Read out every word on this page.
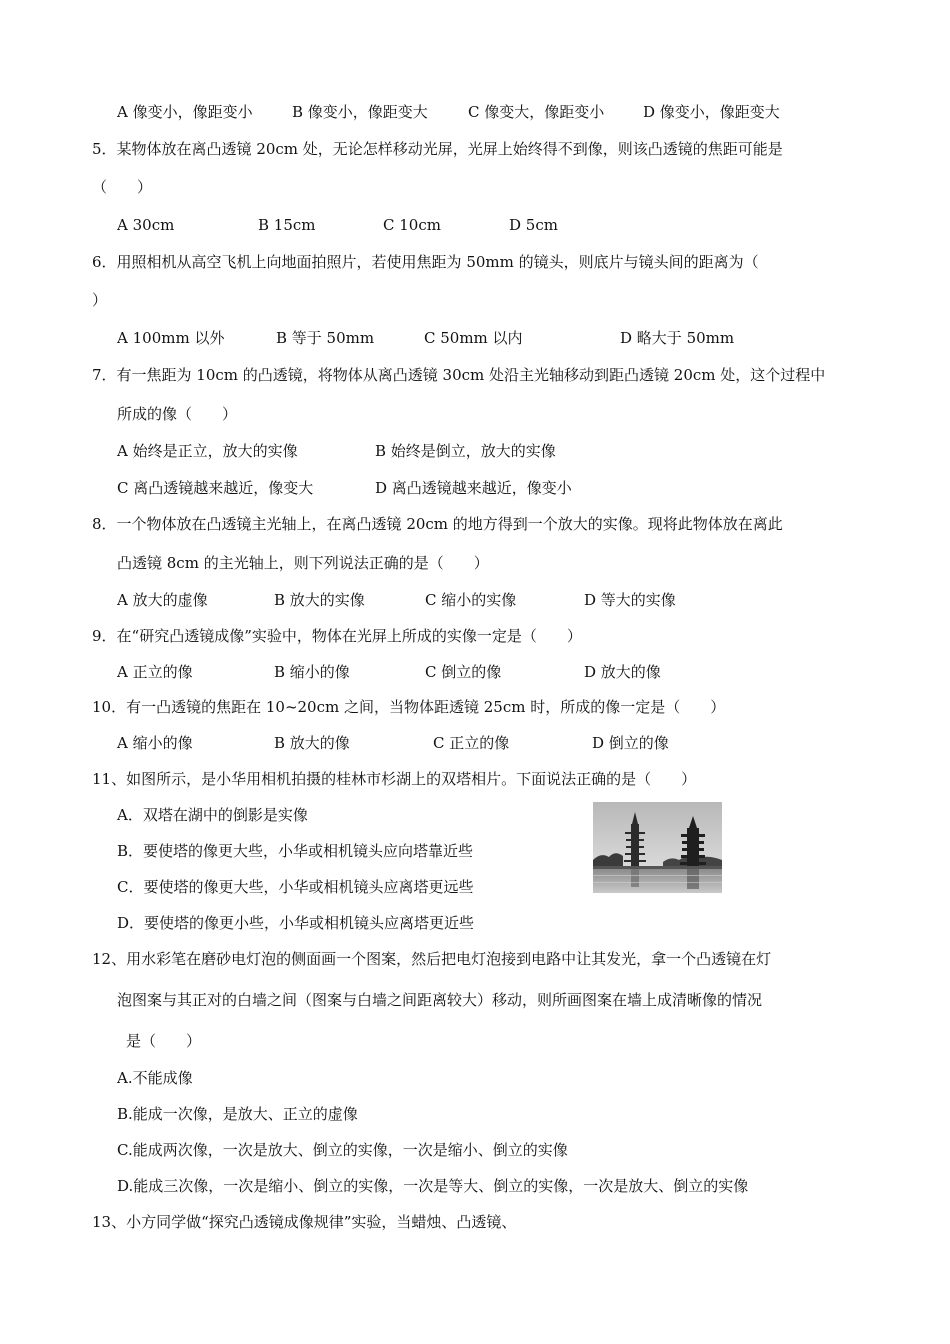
A 像变小，像距变小	B 像变小，像距变大	C 像变大，像距变小	D 像变小，像距变大
5．某物体放在离凸透镜 20cm 处，无论怎样移动光屏，光屏上始终得不到像，则该凸透镜的焦距可能是
（　　）
A 30cm	B 15cm	C 10cm	D 5cm
6．用照相机从高空飞机上向地面拍照片，若使用焦距为 50mm 的镜头，则底片与镜头间的距离为（
）
A 100mm 以外	B 等于 50mm	C 50mm 以内	D 略大于 50mm
7．有一焦距为 10cm 的凸透镜，将物体从离凸透镜 30cm 处沿主光轴移动到距凸透镜 20cm 处，这个过程中
所成的像（　　）
A 始终是正立，放大的实像	B 始终是倒立，放大的实像
C 离凸透镜越来越近，像变大	D 离凸透镜越来越近，像变小
8．一个物体放在凸透镜主光轴上，在离凸透镜 20cm 的地方得到一个放大的实像。现将此物体放在离此
凸透镜 8cm 的主光轴上，则下列说法正确的是（　　）
A 放大的虚像	B 放大的实像	C 缩小的实像	D 等大的实像
9．在“研究凸透镜成像”实验中，物体在光屏上所成的实像一定是（　　）
A 正立的像	B 缩小的像	C 倒立的像	D 放大的像
10．有一凸透镜的焦距在 10~20cm 之间，当物体距透镜 25cm 时，所成的像一定是（　　）
A 缩小的像	B 放大的像	C 正立的像	D 倒立的像
11、如图所示，是小华用相机拍摄的桂林市杉湖上的双塔相片。下面说法正确的是（　　）
A．双塔在湖中的倒影是实像
B．要使塔的像更大些，小华或相机镜头应向塔靠近些
C．要使塔的像更大些，小华或相机镜头应离塔更远些
D．要使塔的像更小些，小华或相机镜头应离塔更近些
12、用水彩笔在磨砂电灯泡的侧面画一个图案，然后把电灯泡接到电路中让其发光，拿一个凸透镜在灯
泡图案与其正对的白墙之间（图案与白墙之间距离较大）移动，则所画图案在墙上成清晰像的情况
是（　　）
A.不能成像
B.能成一次像，是放大、正立的虚像
C.能成两次像，一次是放大、倒立的实像，一次是缩小、倒立的实像
D.能成三次像，一次是缩小、倒立的实像，一次是等大、倒立的实像，一次是放大、倒立的实像
13、小方同学做“探究凸透镜成像规律”实验，当蜡烛、凸透镜、
